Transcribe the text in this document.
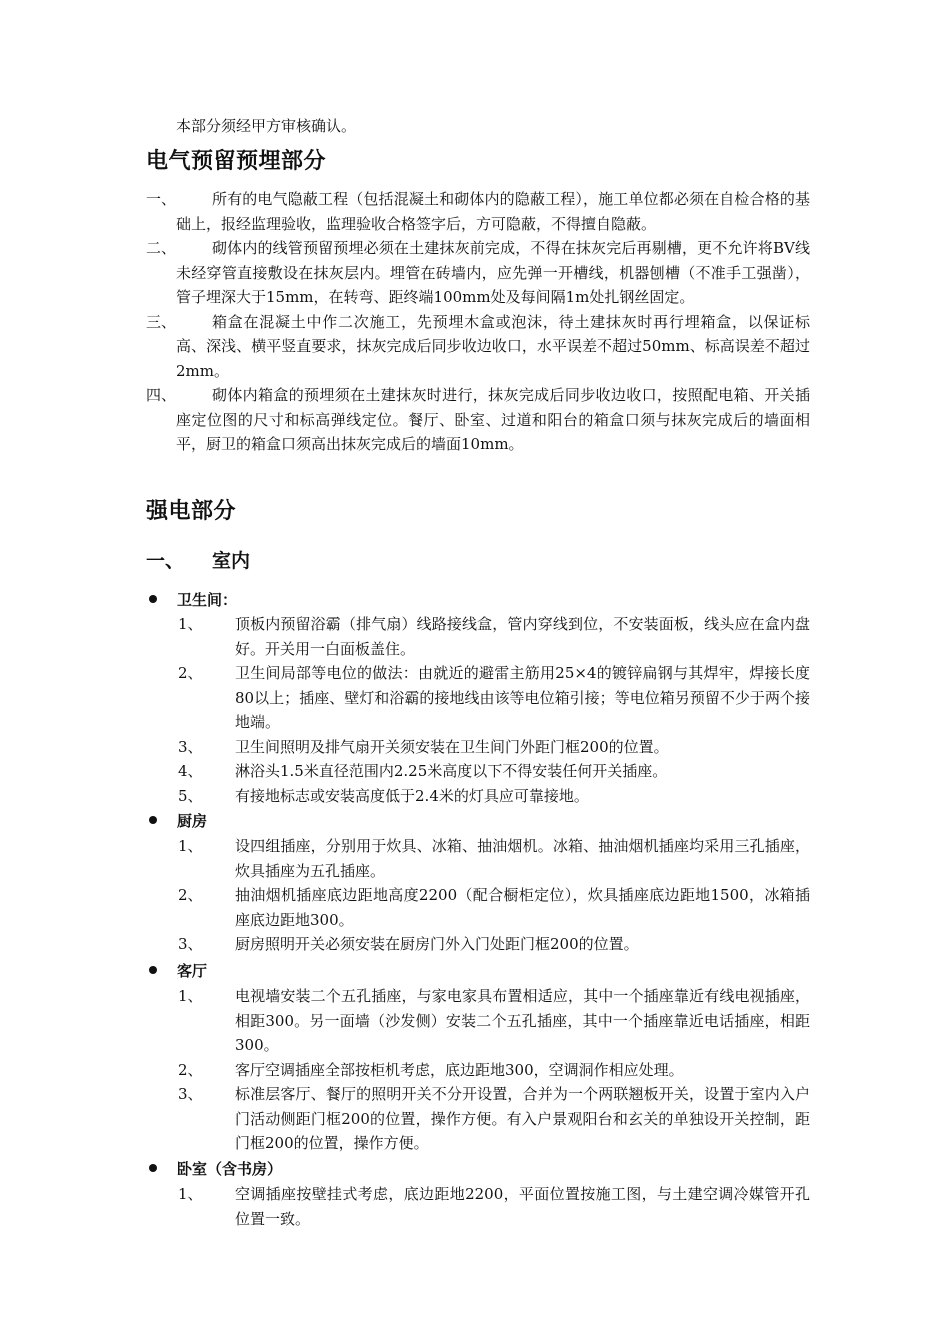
本部分须经甲方审核确认。
电气预留预埋部分
一、	所有的电气隐蔽工程（包括混凝土和砌体内的隐蔽工程），施工单位都必须在自检合格的基础上，报经监理验收，监理验收合格签字后，方可隐蔽，不得擅自隐蔽。
二、	砌体内的线管预留预埋必须在土建抹灰前完成，不得在抹灰完后再剔槽，更不允许将BV线未经穿管直接敷设在抹灰层内。埋管在砖墙内，应先弹一开槽线，机器刨槽（不准手工强凿），管子埋深大于15mm，在转弯、距终端100mm处及每间隔1m处扎钢丝固定。
三、	箱盒在混凝土中作二次施工，先预埋木盒或泡沫，待土建抹灰时再行埋箱盒，以保证标高、深浅、横平竖直要求，抹灰完成后同步收边收口，水平误差不超过50mm、标高误差不超过2mm。
四、	砌体内箱盒的预埋须在土建抹灰时进行，抹灰完成后同步收边收口，按照配电箱、开关插座定位图的尺寸和标高弹线定位。餐厅、卧室、过道和阳台的箱盒口须与抹灰完成后的墙面相平，厨卫的箱盒口须高出抹灰完成后的墙面10mm。
强电部分
一、 室内
卫生间：
1、	顶板内预留浴霸（排气扇）线路接线盒，管内穿线到位，不安装面板，线头应在盒内盘好。开关用一白面板盖住。
2、	卫生间局部等电位的做法：由就近的避雷主筋用25×4的镀锌扁钢与其焊牢，焊接长度80以上；插座、壁灯和浴霸的接地线由该等电位箱引接；等电位箱另预留不少于两个接地端。
3、	卫生间照明及排气扇开关须安装在卫生间门外距门框200的位置。
4、	淋浴头1.5米直径范围内2.25米高度以下不得安装任何开关插座。
5、	有接地标志或安装高度低于2.4米的灯具应可靠接地。
厨房
1、	设四组插座，分别用于炊具、冰箱、抽油烟机。冰箱、抽油烟机插座均采用三孔插座，炊具插座为五孔插座。
2、	抽油烟机插座底边距地高度2200（配合橱柜定位），炊具插座底边距地1500，冰箱插座底边距地300。
3、	厨房照明开关必须安装在厨房门外入门处距门框200的位置。
客厅
1、	电视墙安装二个五孔插座，与家电家具布置相适应，其中一个插座靠近有线电视插座，相距300。另一面墙（沙发侧）安装二个五孔插座，其中一个插座靠近电话插座，相距300。
2、	客厅空调插座全部按柜机考虑，底边距地300，空调洞作相应处理。
3、	标准层客厅、餐厅的照明开关不分开设置，合并为一个两联翘板开关，设置于室内入户门活动侧距门框200的位置，操作方便。有入户景观阳台和玄关的单独设开关控制，距门框200的位置，操作方便。
卧室（含书房）
1、	空调插座按壁挂式考虑，底边距地2200，平面位置按施工图，与土建空调冷媒管开孔位置一致。
